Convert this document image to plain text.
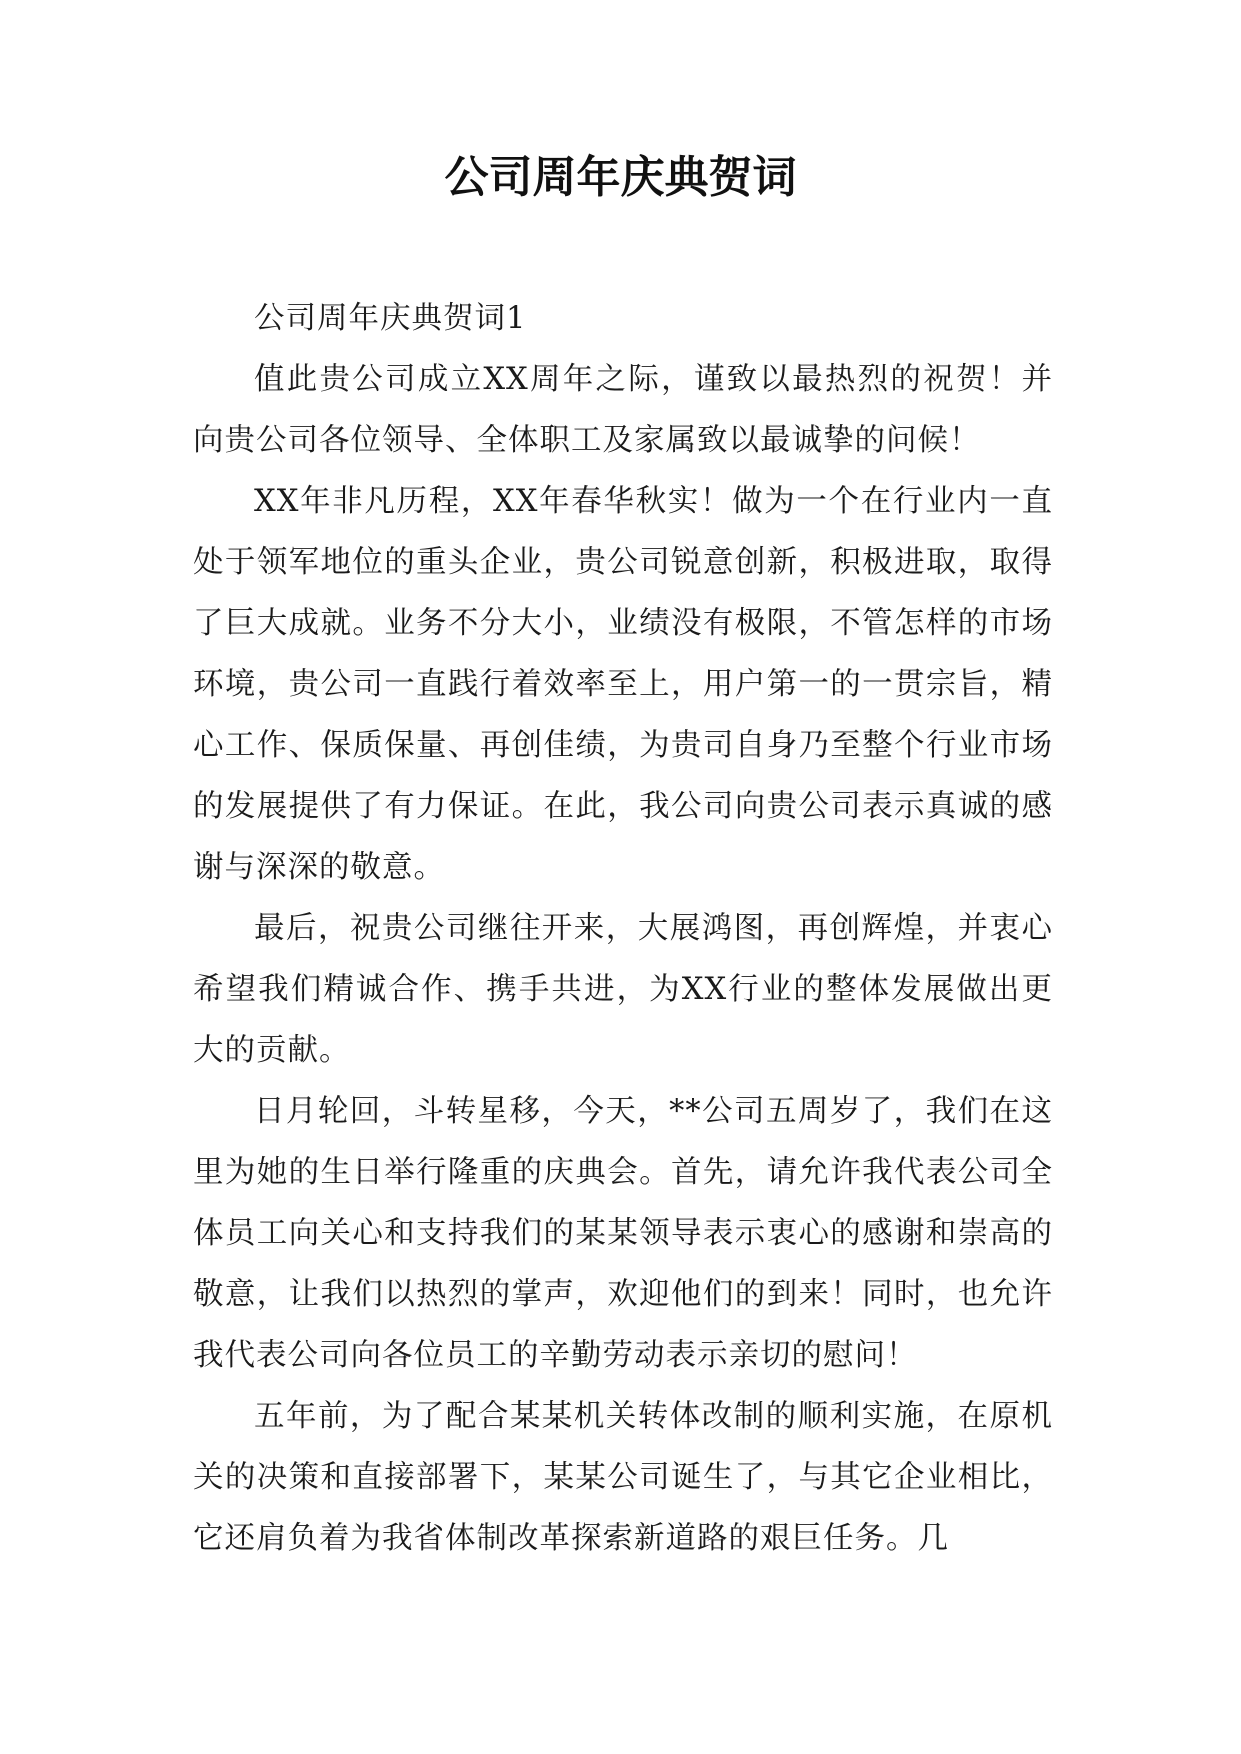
公司周年庆典贺词

公司周年庆典贺词1

值此贵公司成立XX周年之际，谨致以最热烈的祝贺！并向贵公司各位领导、全体职工及家属致以最诚挚的问候！

XX年非凡历程，XX年春华秋实！做为一个在行业内一直处于领军地位的重头企业，贵公司锐意创新，积极进取，取得了巨大成就。业务不分大小，业绩没有极限，不管怎样的市场环境，贵公司一直践行着效率至上，用户第一的一贯宗旨，精心工作、保质保量、再创佳绩，为贵司自身乃至整个行业市场的发展提供了有力保证。在此，我公司向贵公司表示真诚的感谢与深深的敬意。

最后，祝贵公司继往开来，大展鸿图，再创辉煌，并衷心希望我们精诚合作、携手共进，为XX行业的整体发展做出更大的贡献。

日月轮回，斗转星移，今天，**公司五周岁了，我们在这里为她的生日举行隆重的庆典会。首先，请允许我代表公司全体员工向关心和支持我们的某某领导表示衷心的感谢和崇高的敬意，让我们以热烈的掌声，欢迎他们的到来！同时，也允许我代表公司向各位员工的辛勤劳动表示亲切的慰问！

五年前，为了配合某某机关转体改制的顺利实施，在原机关的决策和直接部署下，某某公司诞生了，与其它企业相比，它还肩负着为我省体制改革探索新道路的艰巨任务。几
